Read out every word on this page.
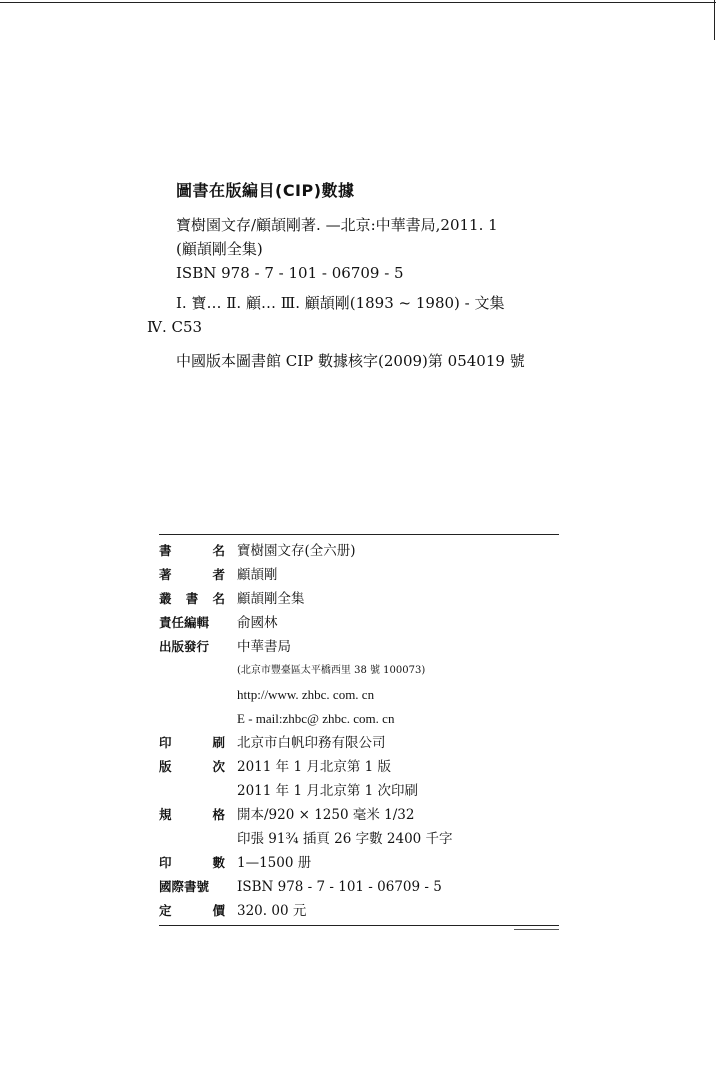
圖書在版編目(CIP)數據
寶樹園文存/顧頡剛著. —北京:中華書局,2011. 1
(顧頡剛全集)
ISBN 978 - 7 - 101 - 06709 - 5
Ⅰ. 寶… Ⅱ. 顧… Ⅲ. 顧頡剛(1893 ~ 1980) - 文集
Ⅳ. C53
中國版本圖書館 CIP 數據核字(2009)第 054019 號
書	名 寶樹園文存(全六册)
著	者 顧頡剛
叢 書 名 顧頡剛全集
責任編輯	俞國林
出版發行	中華書局
(北京市豐臺區太平橋西里 38 號 100073)
http://www. zhbc. com. cn
E - mail:zhbc@ zhbc. com. cn
印	刷 北京市白帆印務有限公司
版	次 2011 年 1 月北京第 1 版
2011 年 1 月北京第 1 次印刷
規	格 開本/920 × 1250 毫米 1/32
印張 91¾ 插頁 26 字數 2400 千字
印	數 1—1500 册
國際書號	ISBN 978 - 7 - 101 - 06709 - 5
定	價 320. 00 元
